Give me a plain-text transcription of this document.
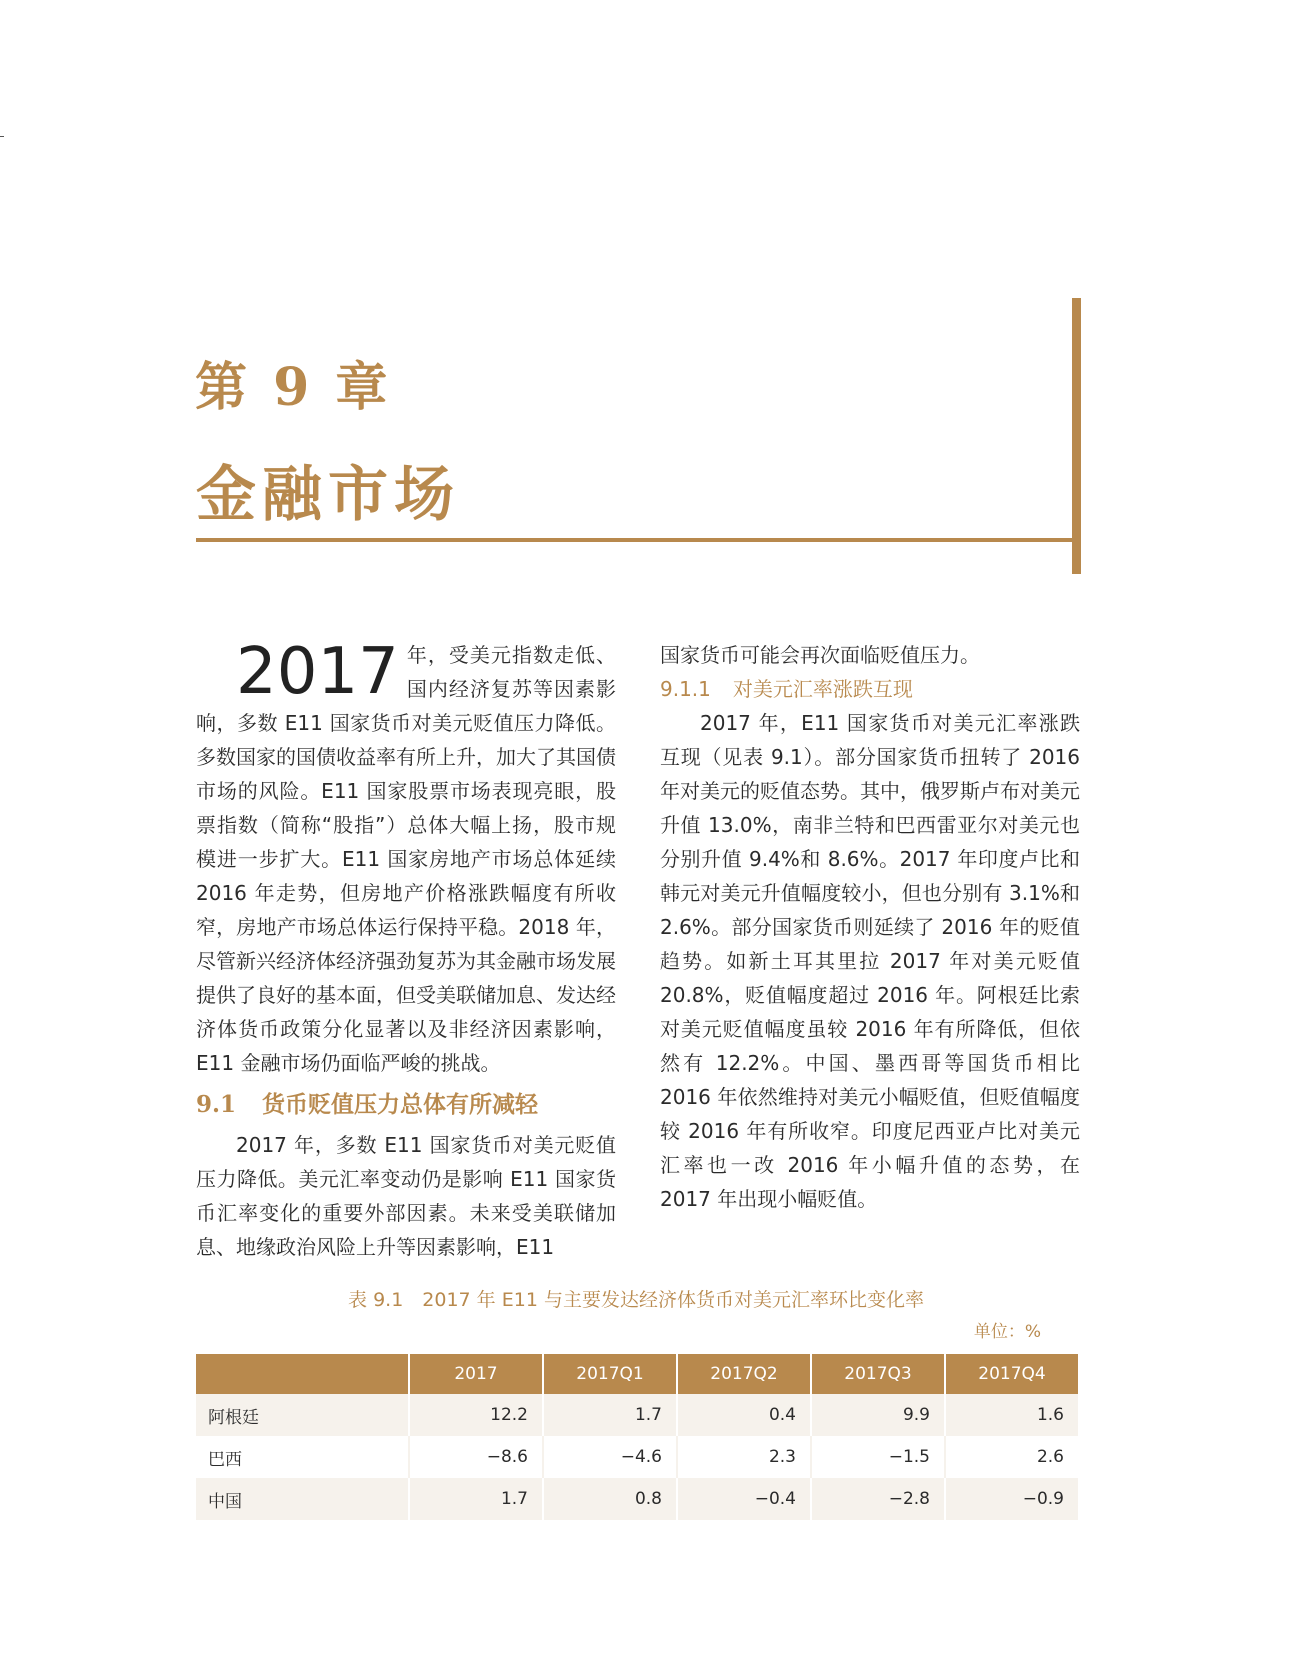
第 9 章
金融市场

2017 年，受美元指数走低、国内经济复苏等因素影响，多数 E11 国家货币对美元贬值压力降低。多数国家的国债收益率有所上升，加大了其国债市场的风险。E11 国家股票市场表现亮眼，股票指数（简称“股指”）总体大幅上扬，股市规模进一步扩大。E11 国家房地产市场总体延续 2016 年走势，但房地产价格涨跌幅度有所收窄，房地产市场总体运行保持平稳。2018 年，尽管新兴经济体经济强劲复苏为其金融市场发展提供了良好的基本面，但受美联储加息、发达经济体货币政策分化显著以及非经济因素影响，E11 金融市场仍面临严峻的挑战。

9.1 货币贬值压力总体有所减轻

2017 年，多数 E11 国家货币对美元贬值压力降低。美元汇率变动仍是影响 E11 国家货币汇率变化的重要外部因素。未来受美联储加息、地缘政治风险上升等因素影响，E11

国家货币可能会再次面临贬值压力。

9.1.1 对美元汇率涨跌互现

2017 年，E11 国家货币对美元汇率涨跌互现（见表 9.1）。部分国家货币扭转了 2016 年对美元的贬值态势。其中，俄罗斯卢布对美元升值 13.0%，南非兰特和巴西雷亚尔对美元也分别升值 9.4%和 8.6%。2017 年印度卢比和韩元对美元升值幅度较小，但也分别有 3.1%和 2.6%。部分国家货币则延续了 2016 年的贬值趋势。如新土耳其里拉 2017 年对美元贬值 20.8%，贬值幅度超过 2016 年。阿根廷比索对美元贬值幅度虽较 2016 年有所降低，但依然有 12.2%。中国、墨西哥等国货币相比 2016 年依然维持对美元小幅贬值，但贬值幅度较 2016 年有所收窄。印度尼西亚卢比对美元汇率也一改 2016 年小幅升值的态势，在 2017 年出现小幅贬值。

表 9.1　2017 年 E11 与主要发达经济体货币对美元汇率环比变化率
单位：%
	2017	2017Q1	2017Q2	2017Q3	2017Q4
阿根廷	12.2	1.7	0.4	9.9	1.6
巴西	−8.6	−4.6	2.3	−1.5	2.6
中国	1.7	0.8	−0.4	−2.8	−0.9
